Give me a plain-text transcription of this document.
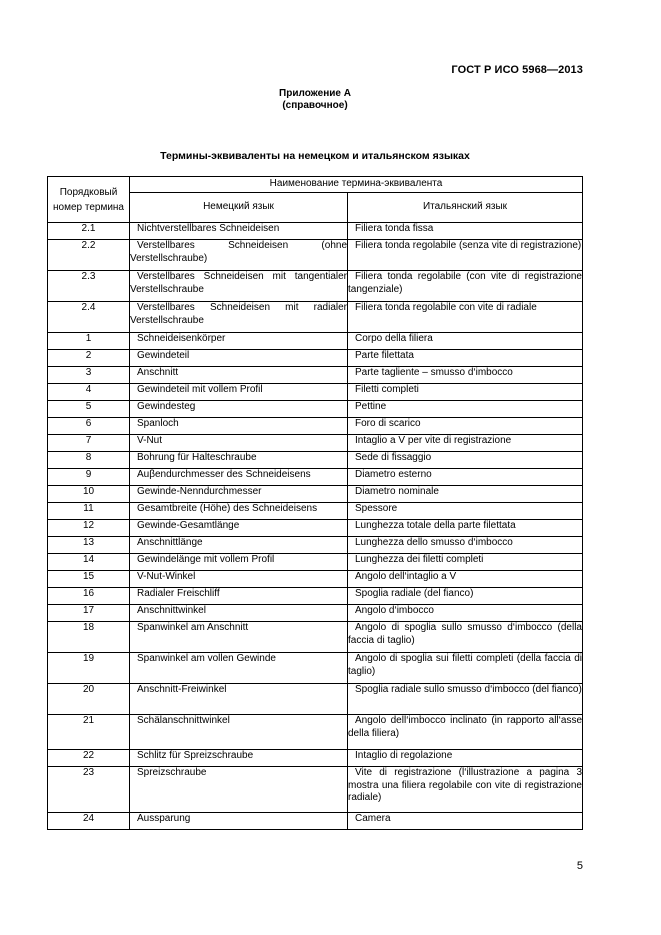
ГОСТ Р ИСО 5968—2013
Приложение А
(справочное)
Термины-эквиваленты на немецком и итальянском языках
Порядковый номер термина	Наименование термина-эквивалента	
	Немецкий язык	Итальянский язык
2.1	Nichtverstellbares Schneideisen	Filiera tonda fissa
2.2	Verstellbares Schneideisen (ohne Verstellschraube)	Filiera tonda regolabile (senza vite di registrazione)
2.3	Verstellbares Schneideisen mit tangentialer Verstellschraube	Filiera tonda regolabile (con vite di registrazione tangenziale)
2.4	Verstellbares Schneideisen mit radialer Verstellschraube	Filiera tonda regolabile con vite di radiale
1	Schneideisenkörper	Corpo della filiera
2	Gewindeteil	Parte filettata
3	Anschnitt	Parte tagliente – smusso d‘imbocco
4	Gewindeteil mit vollem Profil	Filetti completi
5	Gewindesteg	Pettine
6	Spanloch	Foro di scarico
7	V-Nut	Intaglio a V per vite di registrazione
8	Bohrung für Halteschraube	Sede di fissaggio
9	Auβendurchmesser des Schneideisens	Diametro esterno
10	Gewinde-Nenndurchmesser	Diametro nominale
11	Gesamtbreite (Höhe) des Schneideisens	Spessore
12	Gewinde-Gesamtlänge	Lunghezza totale della parte filettata
13	Anschnittlänge	Lunghezza dello smusso d‘imbocco
14	Gewindelänge mit vollem Profil	Lunghezza dei filetti completi
15	V-Nut-Winkel	Angolo dell‘intaglio a V
16	Radialer Freischliff	Spoglia radiale (del fianco)
17	Anschnittwinkel	Angolo d‘imbocco
18	Spanwinkel am Anschnitt	Angolo di spoglia sullo smusso d‘imbocco (della faccia di taglio)
19	Spanwinkel am vollen Gewinde	Angolo di spoglia sui filetti completi (della faccia di taglio)
20	Anschnitt-Freiwinkel	Spoglia radiale sullo smusso d‘imbocco (del fianco)
21	Schälanschnittwinkel	Angolo dell‘imbocco inclinato (in rapporto all‘asse della filiera)
22	Schlitz für Spreizschraube	Intaglio di regolazione
23	Spreizschraube	Vite di registrazione (l‘illustrazione a pagina 3 mostra una filiera regolabile con vite di registrazione radiale)
24	Aussparung	Camera
5
